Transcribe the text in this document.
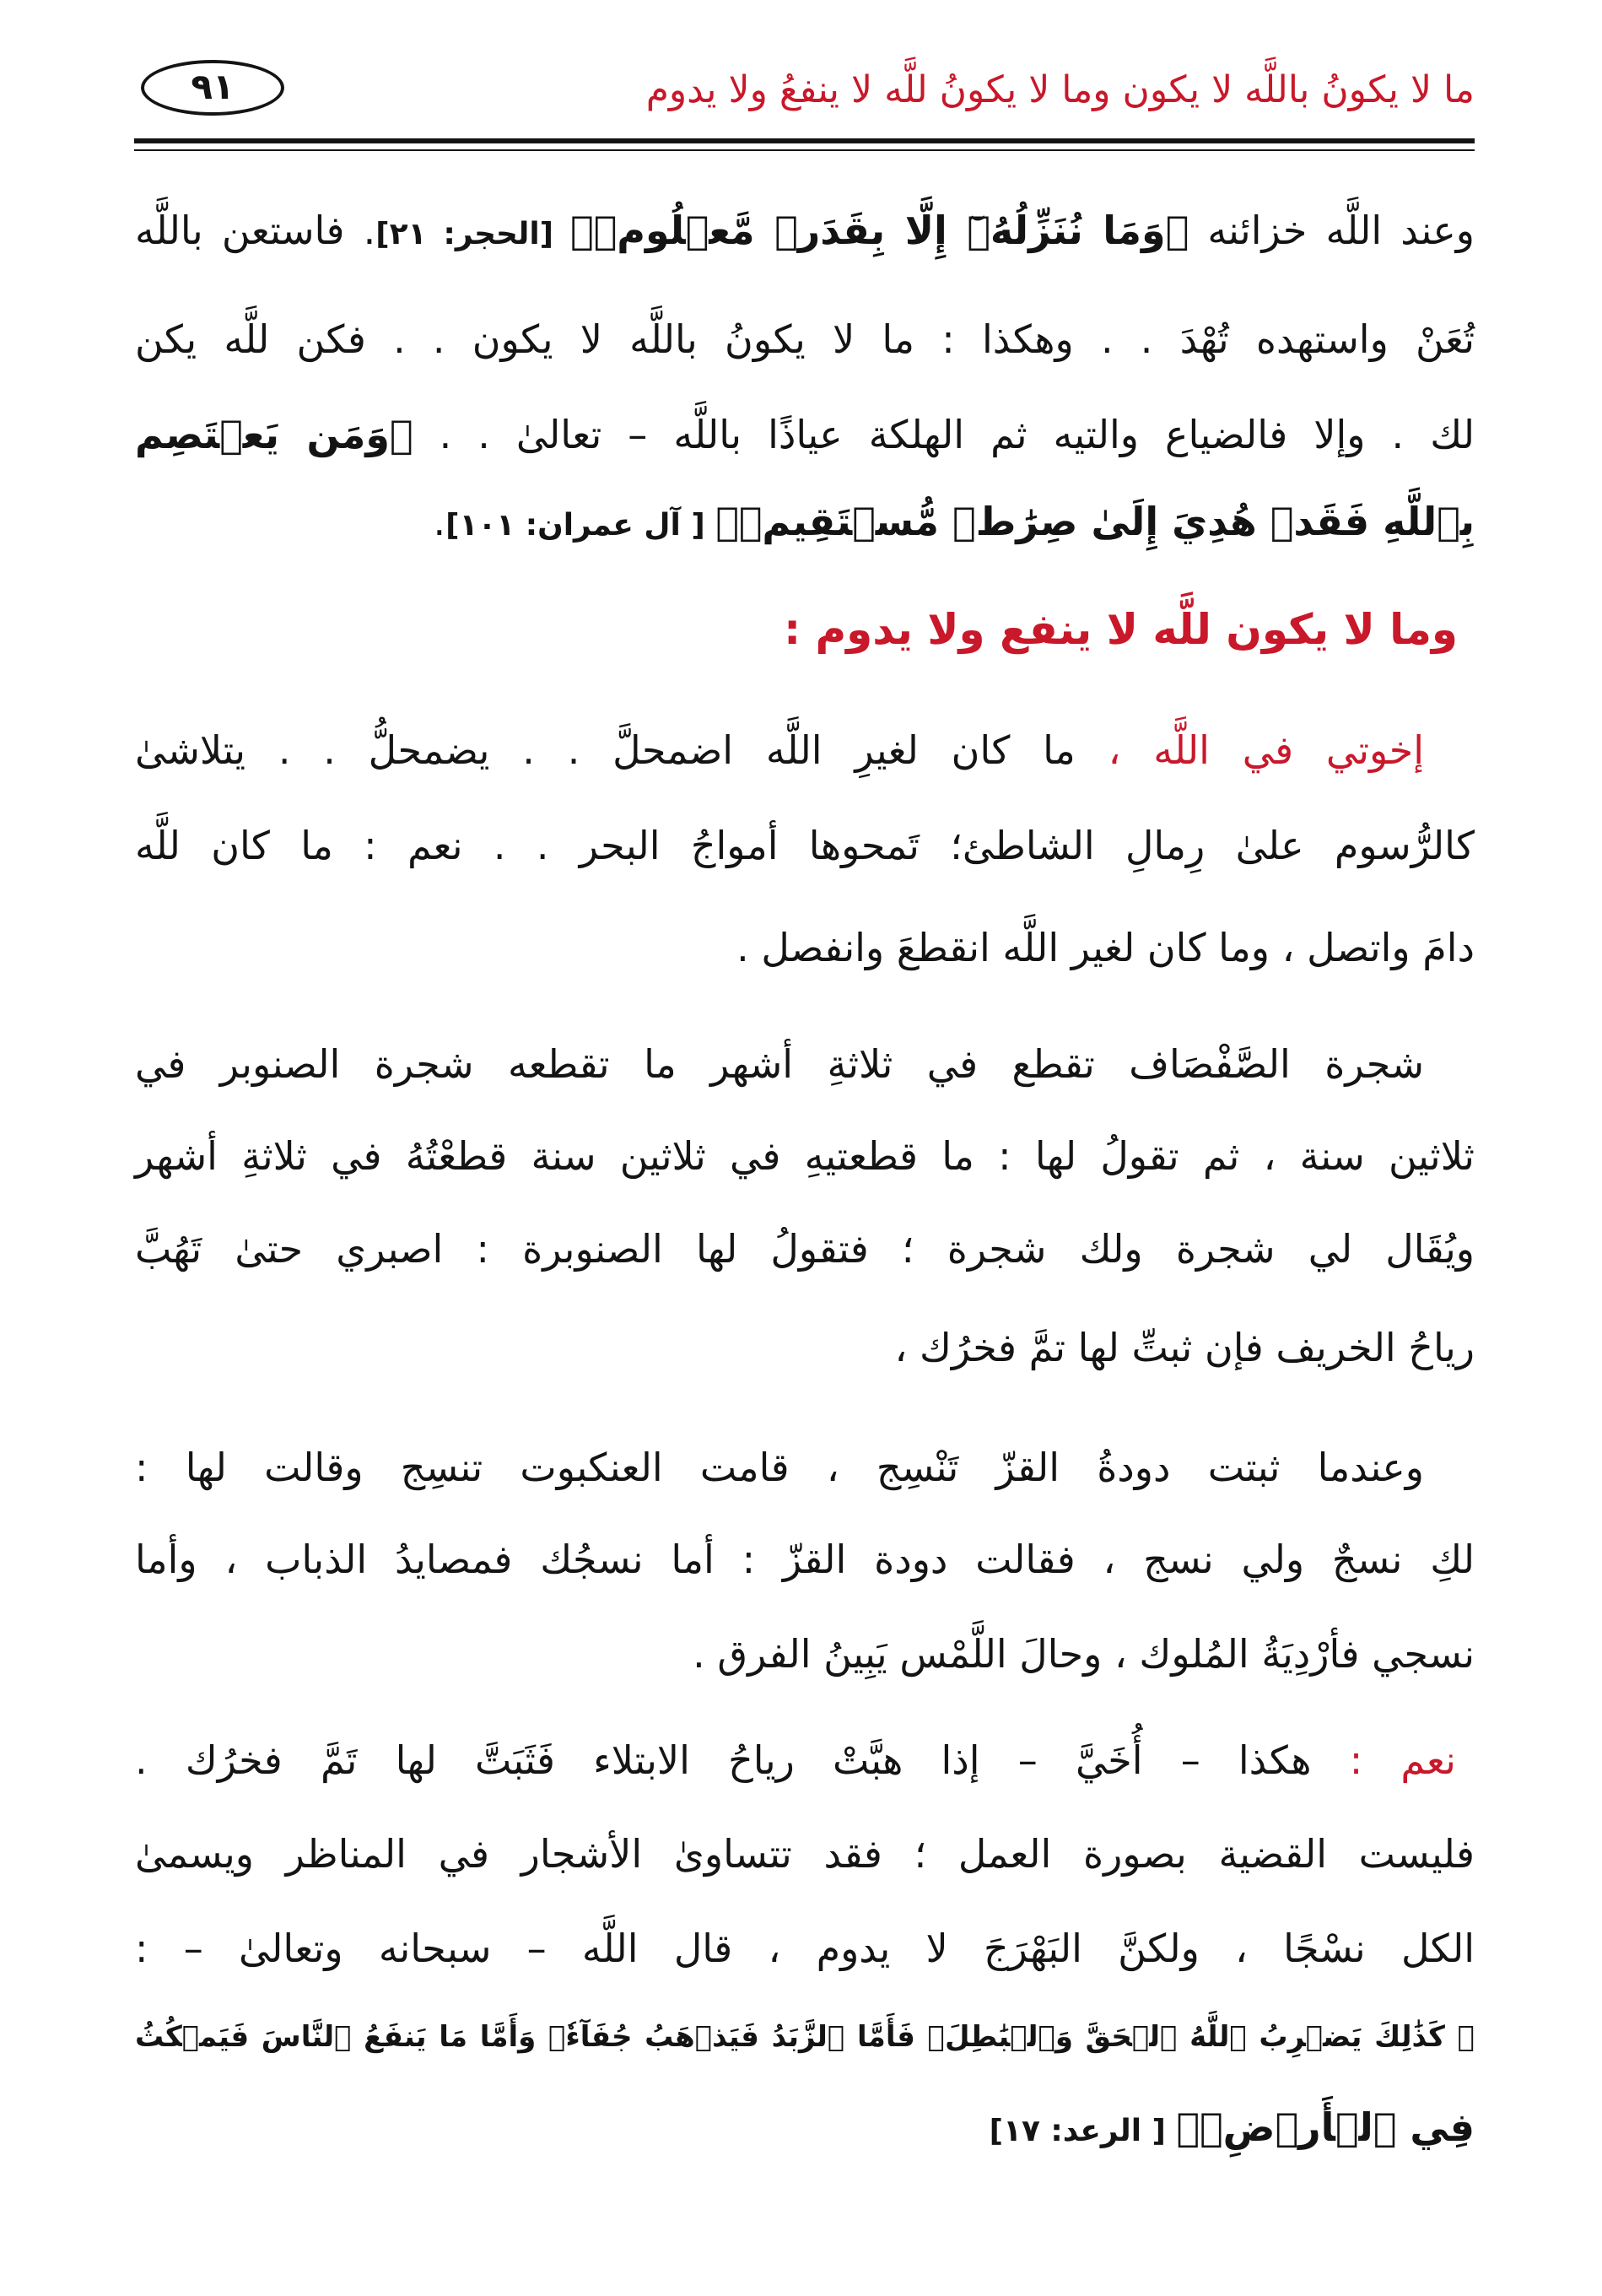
ما لا يكونُ باللَّه لا يكون وما لا يكونُ للَّه لا ينفعُ ولا يدوم
٩١
وعند اللَّه خزائنه ﴿وَمَا نُنَزِّلُهُۥٓ إِلَّا بِقَدَرٖ مَّعۡلُومٖ﴾ [الحجر: ٢١]. فاستعن باللَّه
تُعَنْ واستهده تُهْدَ . . وهكذا : ما لا يكونُ باللَّه لا يكون . . فكن للَّه يكن
لك . وإلا فالضياع والتيه ثم الهلكة عياذًا باللَّه – تعالىٰ . . ﴿وَمَن يَعۡتَصِم
بِٱللَّهِ فَقَدۡ هُدِيَ إِلَىٰ صِرَٰطٖ مُّسۡتَقِيمٖ﴾ [ آل عمران: ١٠١].
وما لا يكون للَّه لا ينفع ولا يدوم :
إخوتي في اللَّه ، ما كان لغيرِ اللَّه اضمحلَّ . . يضمحلُّ . . يتلاشىٰ
كالرُّسوم علىٰ رِمالِ الشاطئ؛ تَمحوها أمواجُ البحر . . نعم : ما كان للَّه
دامَ واتصل ، وما كان لغير اللَّه انقطعَ وانفصل .
شجرة الصَّفْصَاف تقطع في ثلاثةِ أشهر ما تقطعه شجرة الصنوبر في
ثلاثين سنة ، ثم تقولُ لها : ما قطعتيهِ في ثلاثين سنة قطعْتُهُ في ثلاثةِ أشهر
ويُقَال لي شجرة ولك شجرة ؛ فتقولُ لها الصنوبرة : اصبري حتىٰ تَهُبَّ
رياحُ الخريف فإن ثبتِّ لها تمَّ فخرُك ،
وعندما ثبتت دودةُ القزّ تَنْسِج ، قامت العنكبوت تنسِج وقالت لها :
لكِ نسجٌ ولي نسج ، فقالت دودة القزّ : أما نسجُك فمصايدُ الذباب ، وأما
نسجي فأرْدِيَةُ المُلوك ، وحالَ اللَّمْس يَبِينُ الفرق .
نعم : هكذا – أُخَيَّ – إذا هبَّتْ رياحُ الابتلاء فَثَبَتَّ لها تَمَّ فخرُك .
فليست القضية بصورة العمل ؛ فقد تتساوىٰ الأشجار في المناظر ويسمىٰ
الكل نسْجًا ، ولكنَّ البَهْرَجَ لا يدوم ، قال اللَّه – سبحانه وتعالىٰ – :
﴿ كَذَٰلِكَ يَضۡرِبُ ٱللَّهُ ٱلۡحَقَّ وَٱلۡبَٰطِلَۚ فَأَمَّا ٱلزَّبَدُ فَيَذۡهَبُ جُفَآءٗۖ وَأَمَّا مَا يَنفَعُ ٱلنَّاسَ فَيَمۡكُثُ
فِي ٱلۡأَرۡضِۚ﴾ [ الرعد: ١٧]
